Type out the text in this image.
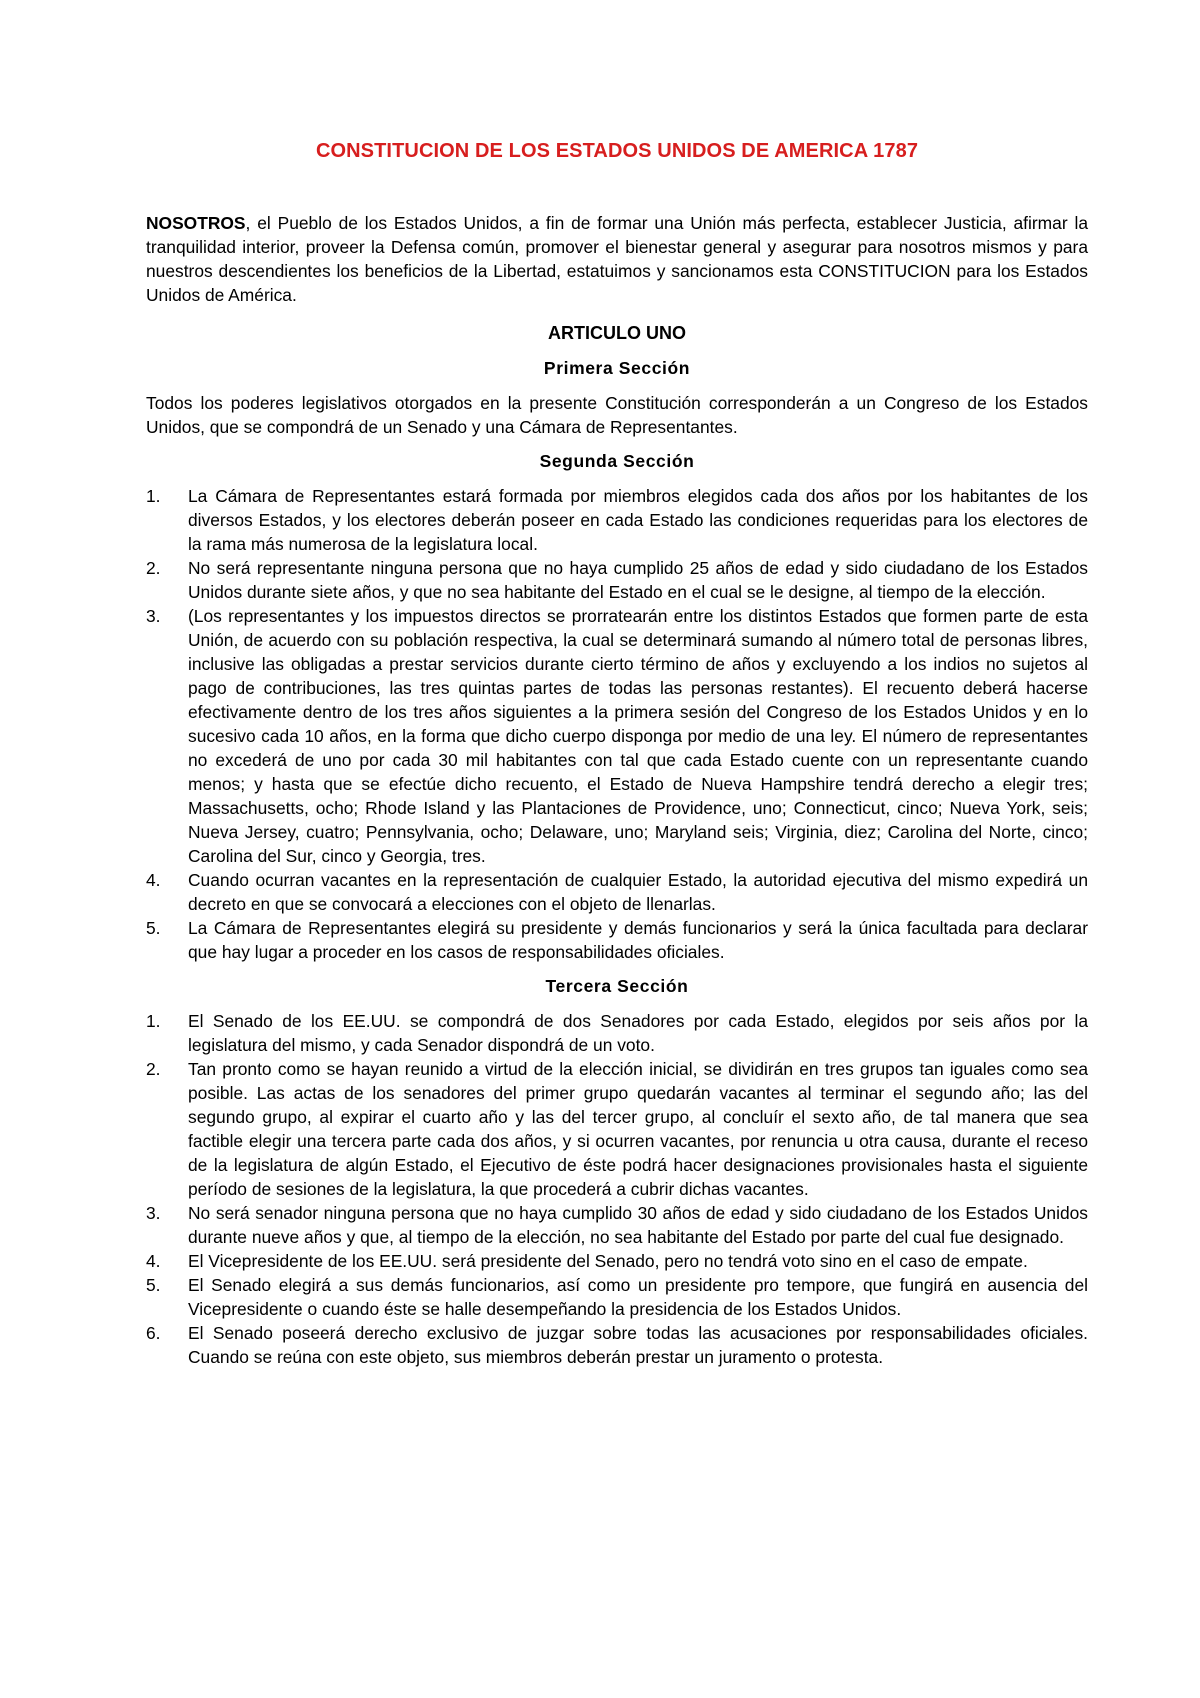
CONSTITUCION DE LOS ESTADOS UNIDOS DE AMERICA 1787

NOSOTROS, el Pueblo de los Estados Unidos, a fin de formar una Unión más perfecta, establecer Justicia, afirmar la tranquilidad interior, proveer la Defensa común, promover el bienestar general y asegurar para nosotros mismos y para nuestros descendientes los beneficios de la Libertad, estatuimos y sancionamos esta CONSTITUCION para los Estados Unidos de América.

ARTICULO UNO
Primera Sección

Todos los poderes legislativos otorgados en la presente Constitución corresponderán a un Congreso de los Estados Unidos, que se compondrá de un Senado y una Cámara de Representantes.

Segunda Sección
1. La Cámara de Representantes estará formada por miembros elegidos cada dos años por los habitantes de los diversos Estados, y los electores deberán poseer en cada Estado las condiciones requeridas para los electores de la rama más numerosa de la legislatura local.
2. No será representante ninguna persona que no haya cumplido 25 años de edad y sido ciudadano de los Estados Unidos durante siete años, y que no sea habitante del Estado en el cual se le designe, al tiempo de la elección.
3. (Los representantes y los impuestos directos se prorratearán entre los distintos Estados que formen parte de esta Unión, de acuerdo con su población respectiva, la cual se determinará sumando al número total de personas libres, inclusive las obligadas a prestar servicios durante cierto término de años y excluyendo a los indios no sujetos al pago de contribuciones, las tres quintas partes de todas las personas restantes). El recuento deberá hacerse efectivamente dentro de los tres años siguientes a la primera sesión del Congreso de los Estados Unidos y en lo sucesivo cada 10 años, en la forma que dicho cuerpo disponga por medio de una ley. El número de representantes no excederá de uno por cada 30 mil habitantes con tal que cada Estado cuente con un representante cuando menos; y hasta que se efectúe dicho recuento, el Estado de Nueva Hampshire tendrá derecho a elegir tres; Massachusetts, ocho; Rhode Island y las Plantaciones de Providence, uno; Connecticut, cinco; Nueva York, seis; Nueva Jersey, cuatro; Pennsylvania, ocho; Delaware, uno; Maryland seis; Virginia, diez; Carolina del Norte, cinco; Carolina del Sur, cinco y Georgia, tres.
4. Cuando ocurran vacantes en la representación de cualquier Estado, la autoridad ejecutiva del mismo expedirá un decreto en que se convocará a elecciones con el objeto de llenarlas.
5. La Cámara de Representantes elegirá su presidente y demás funcionarios y será la única facultada para declarar que hay lugar a proceder en los casos de responsabilidades oficiales.
Tercera Sección
1. El Senado de los EE.UU. se compondrá de dos Senadores por cada Estado, elegidos por seis años por la legislatura del mismo, y cada Senador dispondrá de un voto.
2. Tan pronto como se hayan reunido a virtud de la elección inicial, se dividirán en tres grupos tan iguales como sea posible. Las actas de los senadores del primer grupo quedarán vacantes al terminar el segundo año; las del segundo grupo, al expirar el cuarto año y las del tercer grupo, al concluír el sexto año, de tal manera que sea factible elegir una tercera parte cada dos años, y si ocurren vacantes, por renuncia u otra causa, durante el receso de la legislatura de algún Estado, el Ejecutivo de éste podrá hacer designaciones provisionales hasta el siguiente período de sesiones de la legislatura, la que procederá a cubrir dichas vacantes.
3. No será senador ninguna persona que no haya cumplido 30 años de edad y sido ciudadano de los Estados Unidos durante nueve años y que, al tiempo de la elección, no sea habitante del Estado por parte del cual fue designado.
4. El Vicepresidente de los EE.UU. será presidente del Senado, pero no tendrá voto sino en el caso de empate.
5. El Senado elegirá a sus demás funcionarios, así como un presidente pro tempore, que fungirá en ausencia del Vicepresidente o cuando éste se halle desempeñando la presidencia de los Estados Unidos.
6. El Senado poseerá derecho exclusivo de juzgar sobre todas las acusaciones por responsabilidades oficiales. Cuando se reúna con este objeto, sus miembros deberán prestar un juramento o protesta.
